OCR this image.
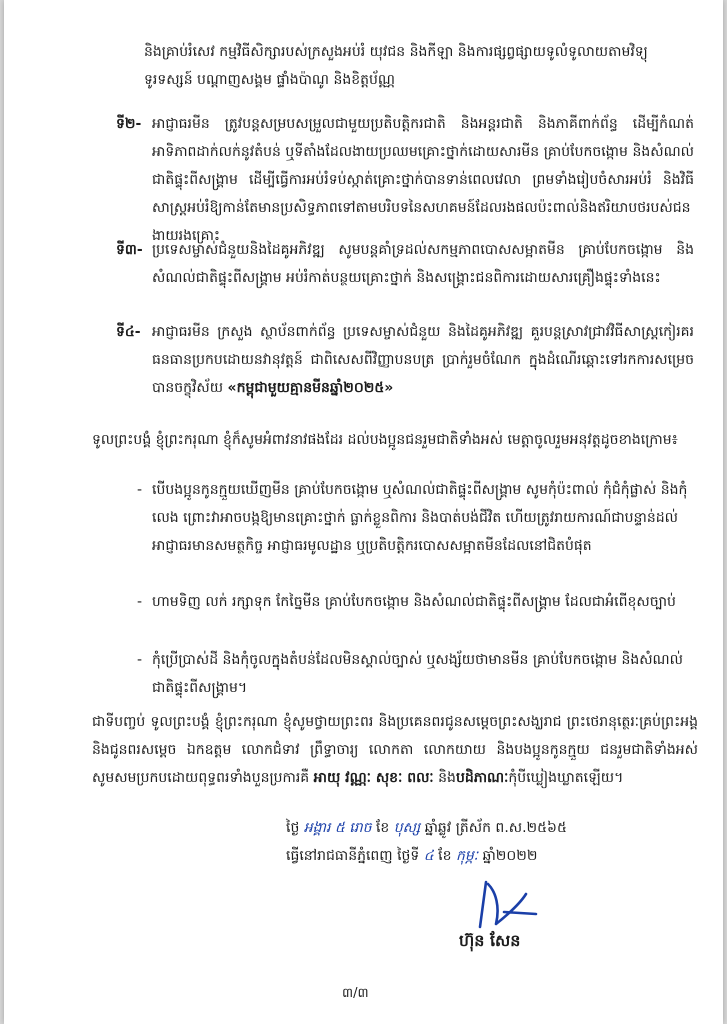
និងគ្រាប់រំសេវ កម្មវិធីសិក្សារបស់ក្រសួងអប់រំ យុវជន និងកីឡា និងការផ្សព្វផ្សាយទូលំទូលាយតាមវិទ្យុ ទូរទស្សន៍ បណ្តាញសង្គម ផ្ទាំងប៉ាណូ និងខិត្តប័ណ្ណ
ទី២- អាជ្ញាធរមីន ត្រូវបន្តសម្របសម្រួលជាមួយប្រតិបត្តិករជាតិ និងអន្តរជាតិ និងភាគីពាក់ព័ន្ធ ដើម្បីកំណត់អាទិភាពដាក់លក់នូវតំបន់ ឬទីតាំងដែលងាយប្រឈមគ្រោះថ្នាក់ដោយសារមីន គ្រាប់បែកចង្កោម និងសំណល់ជាតិផ្ទុះពីសង្គ្រាម ដើម្បីធ្វើការអប់រំទប់ស្កាត់គ្រោះថ្នាក់បានទាន់ពេលវេលា ព្រមទាំងរៀបចំសារអប់រំ និងវិធីសាស្ត្រអប់រំឱ្យកាន់តែមានប្រសិទ្ធភាពទៅតាមបរិបទនៃសហគមន៍ដែលរងផលប៉ះពាល់និងឥរិយាបថរបស់ជនងាយរងគ្រោះ
ទី៣- ប្រទេសម្ចាស់ជំនួយនិងដៃគូអភិវឌ្ឍ សូមបន្តគាំទ្រដល់សកម្មភាពបោសសម្អាតមីន គ្រាប់បែកចង្កោម និងសំណល់ជាតិផ្ទុះពីសង្គ្រាម អប់រំកាត់បន្ថយគ្រោះថ្នាក់ និងសង្គ្រោះជនពិការដោយសារគ្រឿងផ្ទុះទាំងនេះ
ទី៤- អាជ្ញាធរមីន ក្រសួង ស្ថាប័នពាក់ព័ន្ធ ប្រទេសម្ចាស់ជំនួយ និងដៃគូអភិវឌ្ឍ គួរបន្តស្រាវជ្រាវវិធីសាស្ត្រកៀរគរធនធានប្រកបដោយនវានុវត្តន៍ ជាពិសេសពីវិញ្ញាបនបត្រ ប្រាក់រួមចំណែក ក្នុងដំណើរឆ្ពោះទៅរកការសម្រេចបានចក្ខុវិស័យ «កម្ពុជាមួយគ្មានមីនឆ្នាំ២០២៥»
ទូលព្រះបង្គំ ខ្ញុំព្រះករុណា ខ្ញុំក៏សូមអំពាវនាវផងដែរ ដល់បងប្អូនជនរួមជាតិទាំងអស់ មេត្តាចូលរួមអនុវត្តដូចខាងក្រោម៖
- បើបងប្អូនកូនក្មួយឃើញមីន គ្រាប់បែកចង្កោម ឬសំណល់ជាតិផ្ទុះពីសង្គ្រាម សូមកុំប៉ះពាល់ កុំជំកុំផ្លាស់ និងកុំលេង ព្រោះវាអាចបង្កឱ្យមានគ្រោះថ្នាក់ ធ្លាក់ខ្លួនពិការ និងបាត់បង់ជីវិត ហើយត្រូវរាយការណ៍ជាបន្ទាន់ដល់អាជ្ញាធរមានសមត្ថកិច្ច អាជ្ញាធរមូលដ្ឋាន ឬប្រតិបត្តិករបោសសម្អាតមីនដែលនៅជិតបំផុត
- ហាមទិញ លក់ រក្សាទុក កែច្នៃមីន គ្រាប់បែកចង្កោម និងសំណល់ជាតិផ្ទុះពីសង្គ្រាម ដែលជាអំពើខុសច្បាប់
- កុំប្រើប្រាស់ដី និងកុំចូលក្នុងតំបន់ដែលមិនស្គាល់ច្បាស់ ឬសង្ស័យថាមានមីន គ្រាប់បែកចង្កោម និងសំណល់ជាតិផ្ទុះពីសង្គ្រាម។
ជាទីបញ្ចប់ ទូលព្រះបង្គំ ខ្ញុំព្រះករុណា ខ្ញុំសូមថ្វាយព្រះពរ និងប្រគេនពរជូនសម្តេចព្រះសង្ឃរាជ ព្រះថេរានុត្ថេរៈគ្រប់ព្រះអង្គ និងជូនពរសម្តេច ឯកឧត្តម លោកជំទាវ ព្រឹទ្ធាចារ្យ លោកតា លោកយាយ និងបងប្អូនកូនក្មួយ ជនរួមជាតិទាំងអស់ សូមសមប្រកបដោយពុទ្ធពរទាំងបួនប្រការគឺ អាយុ វណ្ណៈ សុខៈ ពលៈ និងបដិភាណៈកុំបីឃ្លៀងឃ្លាតឡើយ។
ថ្ងៃ អង្គារ ៥ រោច ខែ បុស្ស ឆ្នាំឆ្លូវ ត្រីស័ក ព.ស.២៥៦៥
ធ្វើនៅរាជធានីភ្នំពេញ ថ្ងៃទី ៤ ខែ កុម្ភៈ ឆ្នាំ២០២២
ហ៊ុន សែន
៣/៣
